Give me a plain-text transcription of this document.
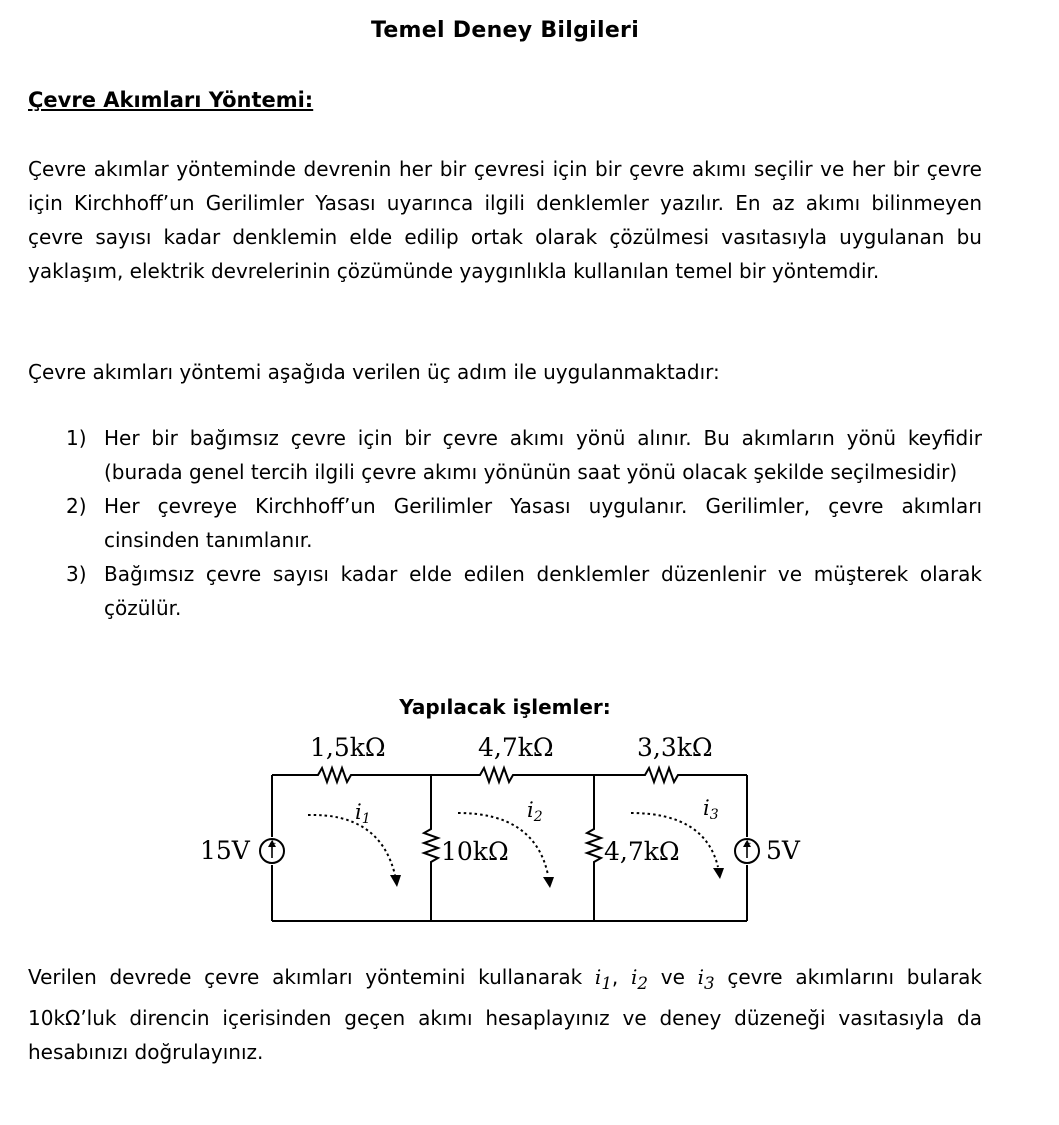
Temel Deney Bilgileri
Çevre Akımları Yöntemi:

Çevre akımlar yönteminde devrenin her bir çevresi için bir çevre akımı seçilir ve her bir çevre için Kirchhoff’un Gerilimler Yasası uyarınca ilgili denklemler yazılır. En az akımı bilinmeyen çevre sayısı kadar denklemin elde edilip ortak olarak çözülmesi vasıtasıyla uygulanan bu yaklaşım, elektrik devrelerinin çözümünde yaygınlıkla kullanılan temel bir yöntemdir.

Çevre akımları yöntemi aşağıda verilen üç adım ile uygulanmaktadır:

1) Her bir bağımsız çevre için bir çevre akımı yönü alınır. Bu akımların yönü keyfidir (burada genel tercih ilgili çevre akımı yönünün saat yönü olacak şekilde seçilmesidir)
2) Her çevreye Kirchhoff’un Gerilimler Yasası uygulanır. Gerilimler, çevre akımları cinsinden tanımlanır.
3) Bağımsız çevre sayısı kadar elde edilen denklemler düzenlenir ve müşterek olarak çözülür.
Yapılacak işlemler:
1,5kΩ	4,7kΩ	3,3kΩ
15V	5V
10kΩ	4,7kΩ
i1	i2	i3
+	+

Verilen devrede çevre akımları yöntemini kullanarak $i_1$, $i_2$ ve $i_3$ çevre akımlarını bularak 10kΩ’luk direncin içerisinden geçen akımı hesaplayınız ve deney düzeneği vasıtasıyla da hesabınızı doğrulayınız.
